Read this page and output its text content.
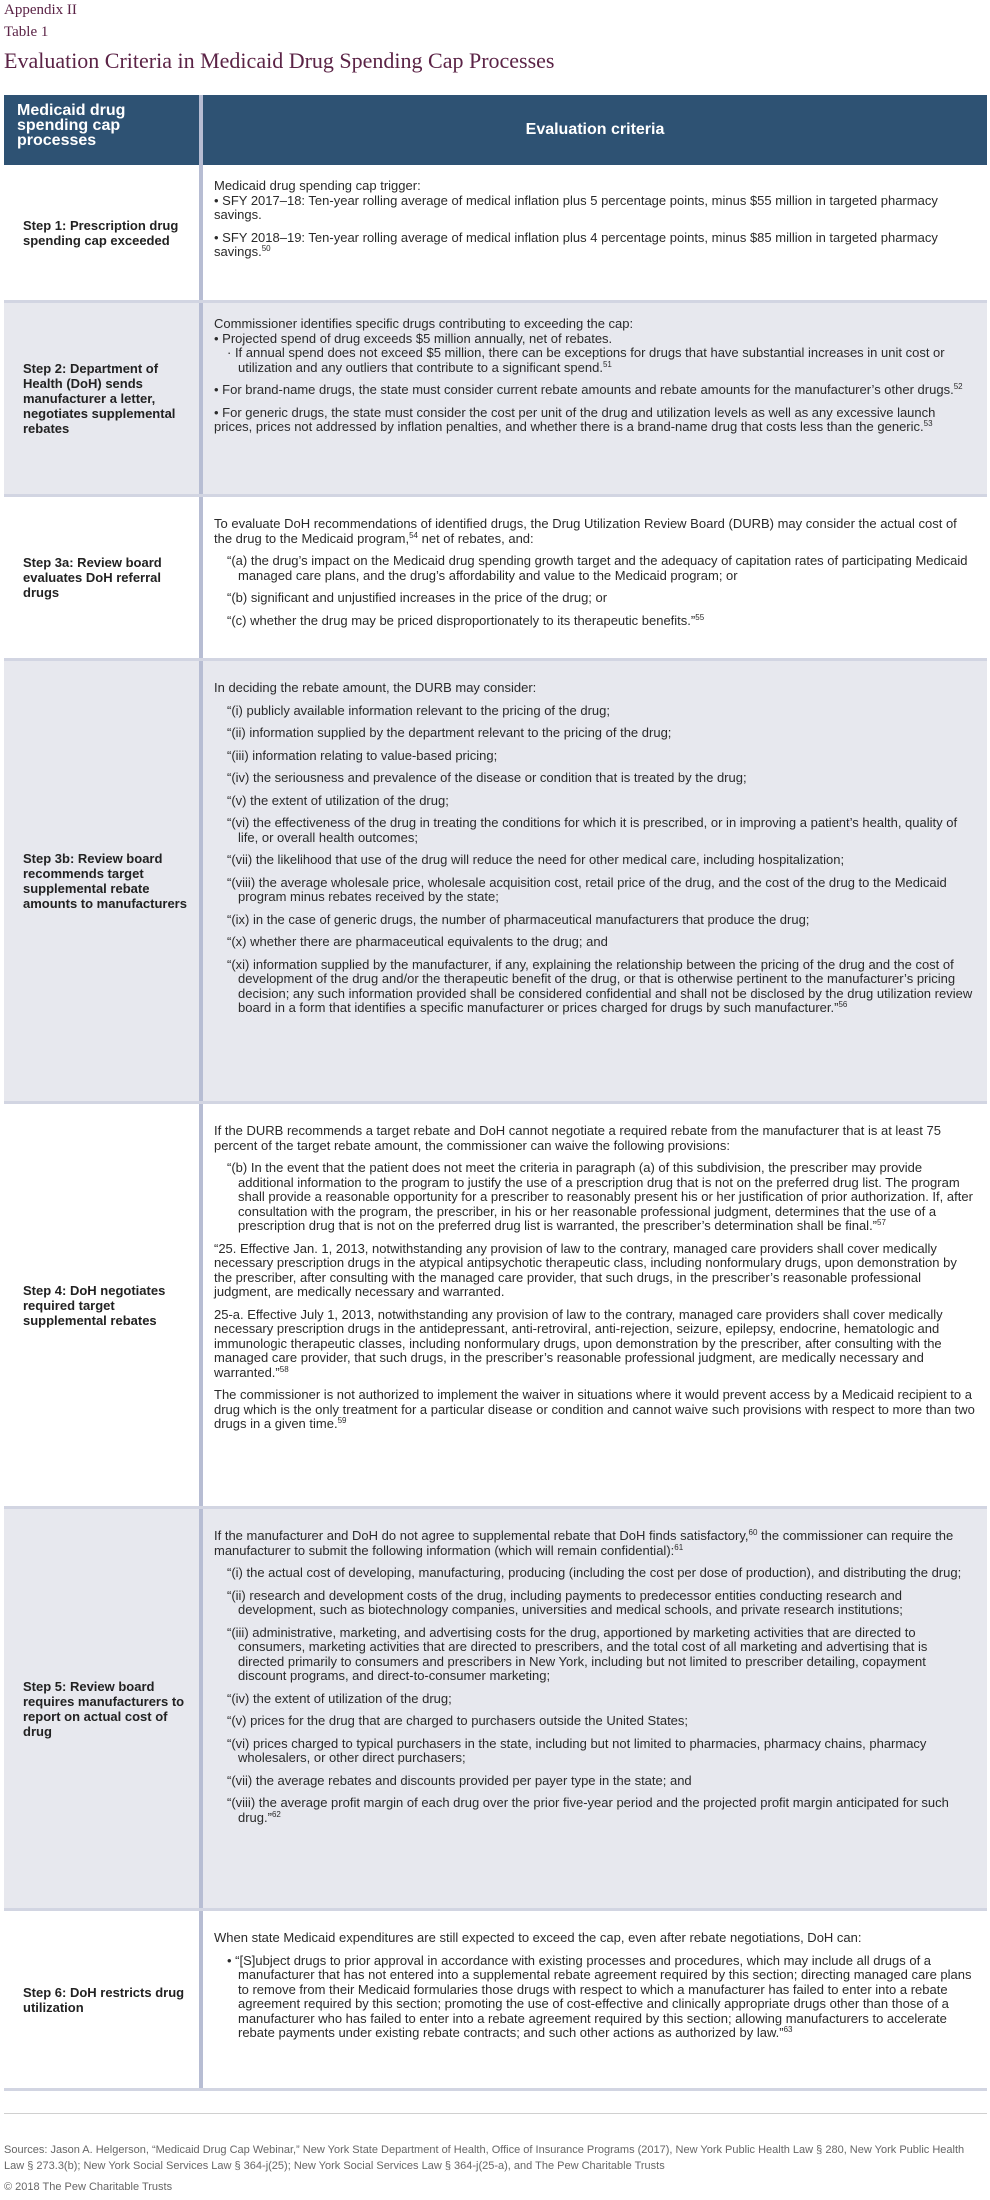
Appendix II
Table 1
Evaluation Criteria in Medicaid Drug Spending Cap Processes
Medicaid drug spending cap processes
Evaluation criteria
Step 1: Prescription drug spending cap exceeded

Medicaid drug spending cap trigger:

• SFY 2017–18: Ten-year rolling average of medical inflation plus 5 percentage points, minus $55 million in targeted pharmacy savings.

• SFY 2018–19: Ten-year rolling average of medical inflation plus 4 percentage points, minus $85 million in targeted pharmacy savings.$^{50}$

Step 2: Department of Health (DoH) sends manufacturer a letter, negotiates supplemental rebates

Commissioner identifies specific drugs contributing to exceeding the cap:

• Projected spend of drug exceeds $5 million annually, net of rebates.

· If annual spend does not exceed $5 million, there can be exceptions for drugs that have substantial increases in unit cost or utilization and any outliers that contribute to a significant spend.$^{51}$

• For brand-name drugs, the state must consider current rebate amounts and rebate amounts for the manufacturer’s other drugs.$^{52}$

• For generic drugs, the state must consider the cost per unit of the drug and utilization levels as well as any excessive launch prices, prices not addressed by inflation penalties, and whether there is a brand-name drug that costs less than the generic.$^{53}$

Step 3a: Review board evaluates DoH referral drugs

To evaluate DoH recommendations of identified drugs, the Drug Utilization Review Board (DURB) may consider the actual cost of the drug to the Medicaid program,$^{54}$ net of rebates, and:

“(a) the drug’s impact on the Medicaid drug spending growth target and the adequacy of capitation rates of participating Medicaid managed care plans, and the drug’s affordability and value to the Medicaid program; or

“(b) significant and unjustified increases in the price of the drug; or

“(c) whether the drug may be priced disproportionately to its therapeutic benefits.”$^{55}$

Step 3b: Review board recommends target supplemental rebate amounts to manufacturers

In deciding the rebate amount, the DURB may consider:

“(i) publicly available information relevant to the pricing of the drug;

“(ii) information supplied by the department relevant to the pricing of the drug;

“(iii) information relating to value-based pricing;

“(iv) the seriousness and prevalence of the disease or condition that is treated by the drug;

“(v) the extent of utilization of the drug;

“(vi) the effectiveness of the drug in treating the conditions for which it is prescribed, or in improving a patient’s health, quality of life, or overall health outcomes;

“(vii) the likelihood that use of the drug will reduce the need for other medical care, including hospitalization;

“(viii) the average wholesale price, wholesale acquisition cost, retail price of the drug, and the cost of the drug to the Medicaid program minus rebates received by the state;

“(ix) in the case of generic drugs, the number of pharmaceutical manufacturers that produce the drug;

“(x) whether there are pharmaceutical equivalents to the drug; and

“(xi) information supplied by the manufacturer, if any, explaining the relationship between the pricing of the drug and the cost of development of the drug and/or the therapeutic benefit of the drug, or that is otherwise pertinent to the manufacturer’s pricing decision; any such information provided shall be considered confidential and shall not be disclosed by the drug utilization review board in a form that identifies a specific manufacturer or prices charged for drugs by such manufacturer.”$^{56}$

Step 4: DoH negotiates required target supplemental rebates

If the DURB recommends a target rebate and DoH cannot negotiate a required rebate from the manufacturer that is at least 75 percent of the target rebate amount, the commissioner can waive the following provisions:

“(b) In the event that the patient does not meet the criteria in paragraph (a) of this subdivision, the prescriber may provide additional information to the program to justify the use of a prescription drug that is not on the preferred drug list. The program shall provide a reasonable opportunity for a prescriber to reasonably present his or her justification of prior authorization. If, after consultation with the program, the prescriber, in his or her reasonable professional judgment, determines that the use of a prescription drug that is not on the preferred drug list is warranted, the prescriber’s determination shall be final.”$^{57}$

“25. Effective Jan. 1, 2013, notwithstanding any provision of law to the contrary, managed care providers shall cover medically necessary prescription drugs in the atypical antipsychotic therapeutic class, including nonformulary drugs, upon demonstration by the prescriber, after consulting with the managed care provider, that such drugs, in the prescriber’s reasonable professional judgment, are medically necessary and warranted.

25-a. Effective July 1, 2013, notwithstanding any provision of law to the contrary, managed care providers shall cover medically necessary prescription drugs in the antidepressant, anti-retroviral, anti-rejection, seizure, epilepsy, endocrine, hematologic and immunologic therapeutic classes, including nonformulary drugs, upon demonstration by the prescriber, after consulting with the managed care provider, that such drugs, in the prescriber’s reasonable professional judgment, are medically necessary and warranted.”$^{58}$

The commissioner is not authorized to implement the waiver in situations where it would prevent access by a Medicaid recipient to a drug which is the only treatment for a particular disease or condition and cannot waive such provisions with respect to more than two drugs in a given time.$^{59}$

Step 5: Review board requires manufacturers to report on actual cost of drug

If the manufacturer and DoH do not agree to supplemental rebate that DoH finds satisfactory,$^{60}$ the commissioner can require the manufacturer to submit the following information (which will remain confidential):$^{61}$

“(i) the actual cost of developing, manufacturing, producing (including the cost per dose of production), and distributing the drug;

“(ii) research and development costs of the drug, including payments to predecessor entities conducting research and development, such as biotechnology companies, universities and medical schools, and private research institutions;

“(iii) administrative, marketing, and advertising costs for the drug, apportioned by marketing activities that are directed to consumers, marketing activities that are directed to prescribers, and the total cost of all marketing and advertising that is directed primarily to consumers and prescribers in New York, including but not limited to prescriber detailing, copayment discount programs, and direct-to-consumer marketing;

“(iv) the extent of utilization of the drug;

“(v) prices for the drug that are charged to purchasers outside the United States;

“(vi) prices charged to typical purchasers in the state, including but not limited to pharmacies, pharmacy chains, pharmacy wholesalers, or other direct purchasers;

“(vii) the average rebates and discounts provided per payer type in the state; and

“(viii) the average profit margin of each drug over the prior five-year period and the projected profit margin anticipated for such drug.”$^{62}$

Step 6: DoH restricts drug utilization

When state Medicaid expenditures are still expected to exceed the cap, even after rebate negotiations, DoH can:

• “[S]ubject drugs to prior approval in accordance with existing processes and procedures, which may include all drugs of a manufacturer that has not entered into a supplemental rebate agreement required by this section; directing managed care plans to remove from their Medicaid formularies those drugs with respect to which a manufacturer has failed to enter into a rebate agreement required by this section; promoting the use of cost-effective and clinically appropriate drugs other than those of a manufacturer who has failed to enter into a rebate agreement required by this section; allowing manufacturers to accelerate rebate payments under existing rebate contracts; and such other actions as authorized by law.”$^{63}$

Sources: Jason A. Helgerson, “Medicaid Drug Cap Webinar,” New York State Department of Health, Office of Insurance Programs (2017), New York Public Health Law § 280, New York Public Health Law § 273.3(b); New York Social Services Law § 364-j(25); New York Social Services Law § 364-j(25-a), and The Pew Charitable Trusts
© 2018 The Pew Charitable Trusts
